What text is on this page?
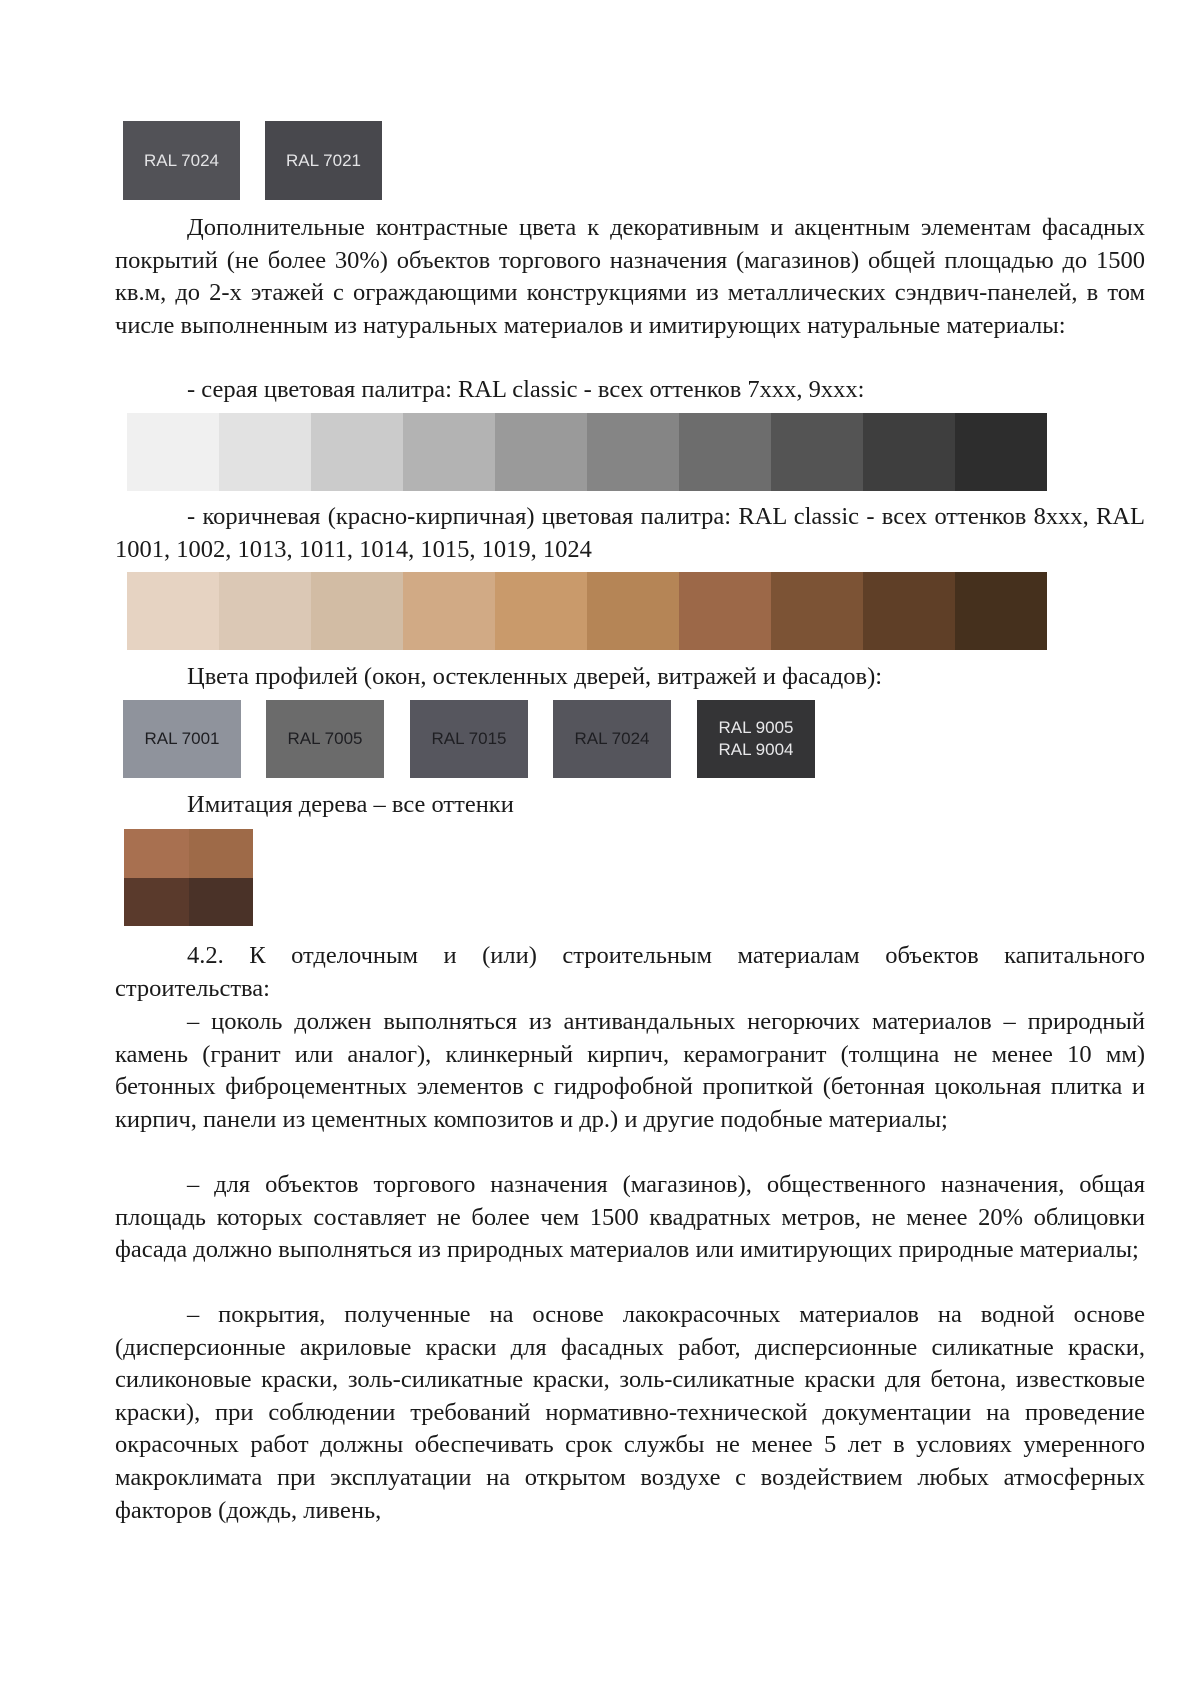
RAL 7024	RAL 7021

Дополнительные контрастные цвета к декоративным и акцентным элементам фасадных покрытий (не более 30%) объектов торгового назначения (магазинов) общей площадью до 1500 кв.м, до 2-х этажей с ограждающими конструкциями из металлических сэндвич-панелей, в том числе выполненным из натуральных материалов и имитирующих натуральные материалы:

- серая цветовая палитра: RAL classic - всех оттенков 7xxx, 9xxx:

- коричневая (красно-кирпичная) цветовая палитра: RAL classic - всех оттенков 8xxx, RAL 1001, 1002, 1013, 1011, 1014, 1015, 1019, 1024

Цвета профилей (окон, остекленных дверей, витражей и фасадов):

RAL 7001	RAL 7005	RAL 7015	RAL 7024
RAL 9005
RAL 9004

Имитация дерева – все оттенки

4.2. К отделочным и (или) строительным материалам объектов капитального строительства:

– цоколь должен выполняться из антивандальных негорючих материалов – природный камень (гранит или аналог), клинкерный кирпич, керамогранит (толщина не менее 10 мм) бетонных фиброцементных элементов с гидрофобной пропиткой (бетонная цокольная плитка и кирпич, панели из цементных композитов и др.) и другие подобные материалы;

– для объектов торгового назначения (магазинов), общественного назначения, общая площадь которых составляет не более чем 1500 квадратных метров, не менее 20% облицовки фасада должно выполняться из природных материалов или имитирующих природные материалы;

– покрытия, полученные на основе лакокрасочных материалов на водной основе (дисперсионные акриловые краски для фасадных работ, дисперсионные силикатные краски, силиконовые краски, золь-силикатные краски, золь-силикатные краски для бетона, известковые краски), при соблюдении требований нормативно-технической документации на проведение окрасочных работ должны обеспечивать срок службы не менее 5 лет в условиях умеренного макроклимата при эксплуатации на открытом воздухе с воздействием любых атмосферных факторов (дождь, ливень,
